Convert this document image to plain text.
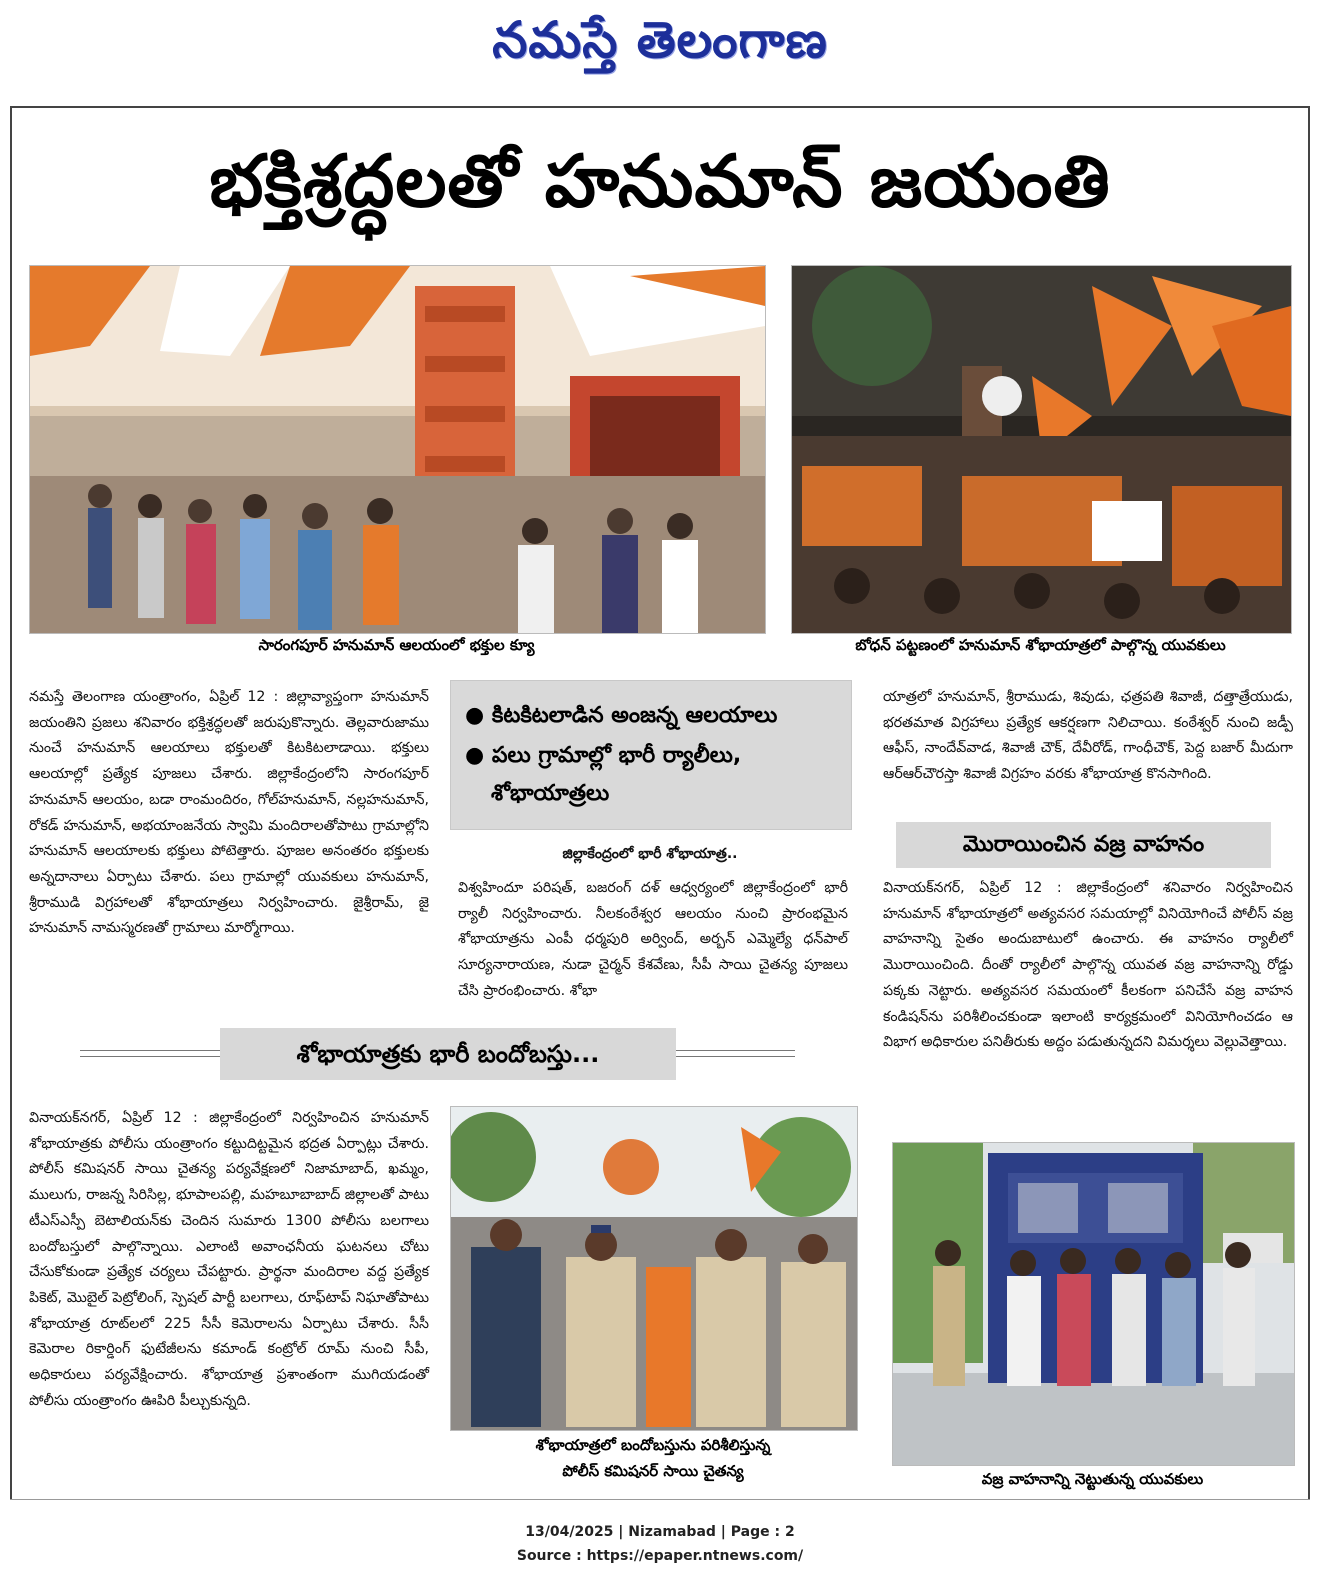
నమస్తే తెలంగాణ
భక్తిశ్రద్ధలతో హనుమాన్ జయంతి
సారంగపూర్ హనుమాన్ ఆలయంలో భక్తుల క్యూ	బోధన్ పట్టణంలో హనుమాన్ శోభాయాత్రలో పాల్గొన్న యువకులు
నమస్తే తెలంగాణ యంత్రాంగం, ఏప్రిల్ 12 : జిల్లావ్యాప్తంగా హనుమాన్ జయంతిని ప్రజలు శనివారం భక్తిశ్రద్ధలతో జరుపుకొన్నారు. తెల్లవారుజాము నుంచే హనుమాన్ ఆలయాలు భక్తులతో కిటకిటలాడాయి. భక్తులు ఆలయాల్లో ప్రత్యేక పూజలు చేశారు. జిల్లాకేంద్రంలోని సారంగపూర్ హనుమాన్ ఆలయం, బడా రాంమందిరం, గోల్‌హనుమాన్, నల్లహనుమాన్, రోకడ్ హనుమాన్, అభయాంజనేయ స్వామి మందిరాలతోపాటు గ్రామాల్లోని హనుమాన్ ఆలయాలకు భక్తులు పోటెత్తారు. పూజల అనంతరం భక్తులకు అన్నదానాలు ఏర్పాటు చేశారు. పలు గ్రామాల్లో యువకులు హనుమాన్, శ్రీరాముడి విగ్రహాలతో శోభాయాత్రలు నిర్వహించారు. జైశ్రీరామ్, జై హనుమాన్ నామస్మరణతో గ్రామాలు మార్మోగాయి.
● కిటకిటలాడిన అంజన్న ఆలయాలు
● పలు గ్రామాల్లో భారీ ర్యాలీలు,
శోభాయాత్రలు
జిల్లాకేంద్రంలో భారీ శోభాయాత్ర..
విశ్వహిందూ పరిషత్, బజరంగ్ దళ్ ఆధ్వర్యంలో జిల్లాకేంద్రంలో భారీ ర్యాలీ నిర్వహించారు. నీలకంఠేశ్వర ఆలయం నుంచి ప్రారంభమైన శోభాయాత్రను ఎంపీ ధర్మపురి అర్వింద్, అర్బన్ ఎమ్మెల్యే ధన్‌పాల్ సూర్యనారాయణ, నుడా చైర్మన్ కేశవేణు, సీపీ సాయి చైతన్య పూజలు చేసి ప్రారంభించారు. శోభా
యాత్రలో హనుమాన్, శ్రీరాముడు, శివుడు, ఛత్రపతి శివాజీ, దత్తాత్రేయుడు, భరతమాత విగ్రహాలు ప్రత్యేక ఆకర్షణగా నిలిచాయి. కంఠేశ్వర్ నుంచి జడ్పీ ఆఫీస్, నాందేవ్‌వాడ, శివాజీ చౌక్, దేవీరోడ్, గాంధీచౌక్, పెద్ద బజార్ మీదుగా ఆర్‌ఆర్‌చౌరస్తా శివాజీ విగ్రహం వరకు శోభాయాత్ర కొనసాగింది.
మొరాయించిన వజ్ర వాహనం
వినాయక్‌నగర్, ఏప్రిల్ 12 : జిల్లాకేంద్రంలో శనివారం నిర్వహించిన హనుమాన్ శోభాయాత్రలో అత్యవసర సమయాల్లో వినియోగించే పోలీస్ వజ్ర వాహనాన్ని సైతం అందుబాటులో ఉంచారు. ఈ వాహనం ర్యాలీలో మొరాయించింది. దీంతో ర్యాలీలో పాల్గొన్న యువత వజ్ర వాహనాన్ని రోడ్డు పక్కకు నెట్టారు. అత్యవసర సమయంలో కీలకంగా పనిచేసే వజ్ర వాహన కండిషన్‌ను పరిశీలించకుండా ఇలాంటి కార్యక్రమంలో వినియోగించడం ఆ విభాగ అధికారుల పనితీరుకు అద్దం పడుతున్నదని విమర్శలు వెల్లువెత్తాయి.
శోభాయాత్రకు భారీ బందోబస్తు...
వినాయక్‌నగర్, ఏప్రిల్ 12 : జిల్లాకేంద్రంలో నిర్వహించిన హనుమాన్ శోభాయాత్రకు పోలీసు యంత్రాంగం కట్టుదిట్టమైన భద్రత ఏర్పాట్లు చేశారు. పోలీస్ కమిషనర్ సాయి చైతన్య పర్యవేక్షణలో నిజామాబాద్, ఖమ్మం, ములుగు, రాజన్న సిరిసిల్ల, భూపాలపల్లి, మహబూబాబాద్ జిల్లాలతో పాటు టీఎస్‌ఎస్పీ బెటాలియన్‌కు చెందిన సుమారు 1300 పోలీసు బలగాలు బందోబస్తులో పాల్గొన్నాయి. ఎలాంటి అవాంఛనీయ ఘటనలు చోటు చేసుకోకుండా ప్రత్యేక చర్యలు చేపట్టారు. ప్రార్థనా మందిరాల వద్ద ప్రత్యేక పికెట్, మొబైల్ పెట్రోలింగ్, స్పెషల్ పార్టీ బలగాలు, రూఫ్‌టాప్ నిఘాతోపాటు శోభాయాత్ర రూట్‌లలో 225 సీసీ కెమెరాలను ఏర్పాటు చేశారు. సీసీ కెమెరాల రికార్డింగ్ ఫుటేజీలను కమాండ్ కంట్రోల్ రూమ్ నుంచి సీపీ, అధికారులు పర్యవేక్షించారు. శోభాయాత్ర ప్రశాంతంగా ముగియడంతో పోలీసు యంత్రాంగం ఊపిరి పీల్చుకున్నది.
శోభాయాత్రలో బందోబస్తును పరిశీలిస్తున్న
పోలీస్ కమిషనర్ సాయి చైతన్య	వజ్ర వాహనాన్ని నెట్టుతున్న యువకులు
13/04/2025 | Nizamabad | Page : 2
Source : https://epaper.ntnews.com/
